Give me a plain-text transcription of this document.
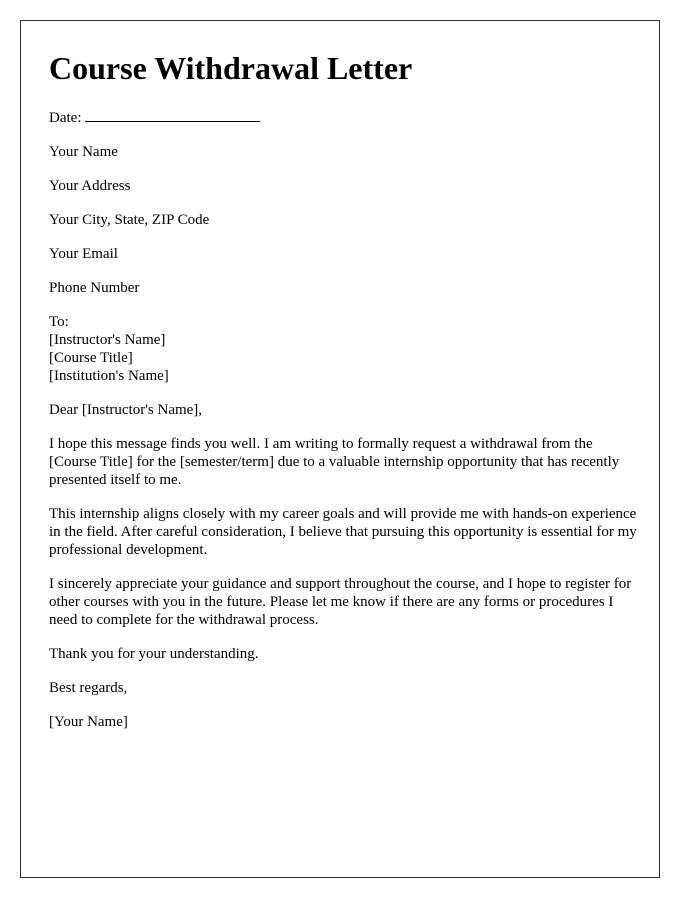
Course Withdrawal Letter
Date:
Your Name
Your Address
Your City, State, ZIP Code
Your Email
Phone Number
To:
[Instructor's Name]
[Course Title]
[Institution's Name]
Dear [Instructor's Name],

I hope this message finds you well. I am writing to formally request a withdrawal from the [Course Title] for the [semester/term] due to a valuable internship opportunity that has recently presented itself to me.

This internship aligns closely with my career goals and will provide me with hands-on experience in the field. After careful consideration, I believe that pursuing this opportunity is essential for my professional development.

I sincerely appreciate your guidance and support throughout the course, and I hope to register for other courses with you in the future. Please let me know if there are any forms or procedures I need to complete for the withdrawal process.

Thank you for your understanding.

Best regards,
[Your Name]
